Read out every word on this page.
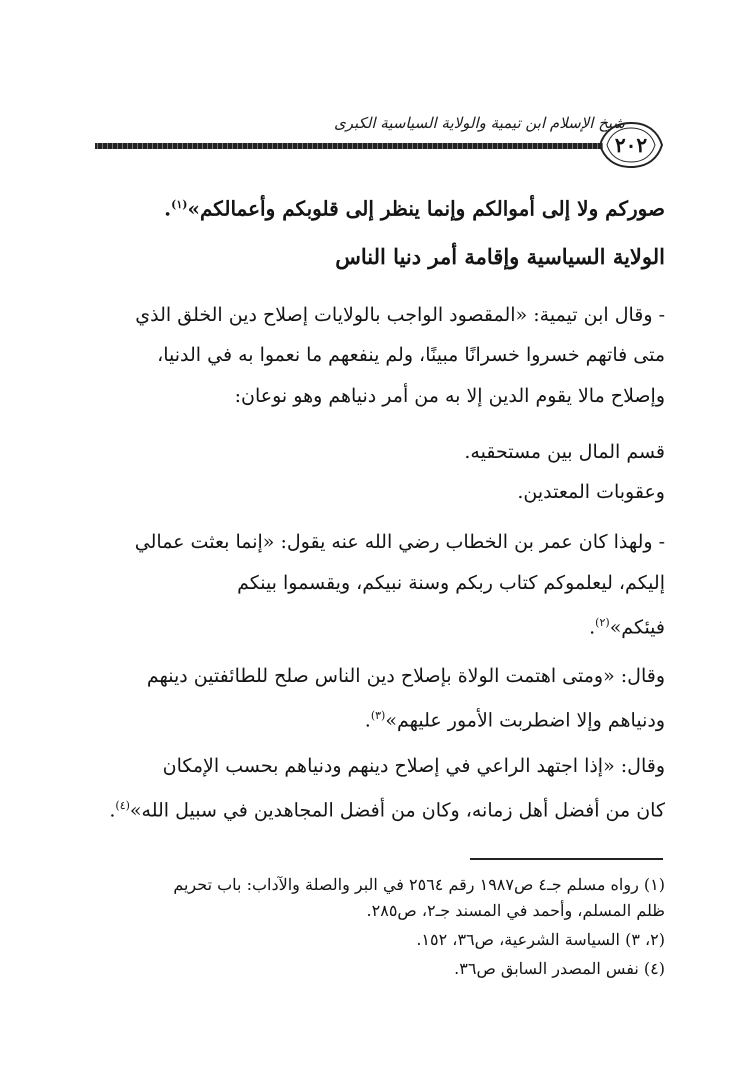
شيخ الإسلام ابن تيمية والولاية السياسية الكبرى
٢٠٢
صوركم ولا إلى أموالكم وإنما ينظر إلى قلوبكم وأعمالكم»$^{(١)}$.
الولاية السياسية وإقامة أمر دنيا الناس
- وقال ابن تيمية: «المقصود الواجب بالولايات إصلاح دين الخلق الذي
متى فاتهم خسروا خسرانًا مبينًا، ولم ينفعهم ما نعموا به في الدنيا،
وإصلاح مالا يقوم الدين إلا به من أمر دنياهم وهو نوعان:
قسم المال بين مستحقيه.
وعقوبات المعتدين.
- ولهذا كان عمر بن الخطاب رضي الله عنه يقول: «إنما بعثت عمالي
إليكم، ليعلموكم كتاب ربكم وسنة نبيكم، ويقسموا بينكم
فيئكم»$^{(٢)}$.
وقال: «ومتى اهتمت الولاة بإصلاح دين الناس صلح للطائفتين دينهم
ودنياهم وإلا اضطربت الأمور عليهم»$^{(٣)}$.
وقال: «إذا اجتهد الراعي في إصلاح دينهم ودنياهم بحسب الإمكان
كان من أفضل أهل زمانه، وكان من أفضل المجاهدين في سبيل الله»$^{(٤)}$.
(١) رواه مسلم جـ٤ ص١٩٨٧ رقم ٢٥٦٤ في البر والصلة والآداب: باب تحريم
ظلم المسلم، وأحمد في المسند جـ٢، ص٢٨٥.
(٢، ٣) السياسة الشرعية، ص٣٦، ١٥٢.
(٤) نفس المصدر السابق ص٣٦.
